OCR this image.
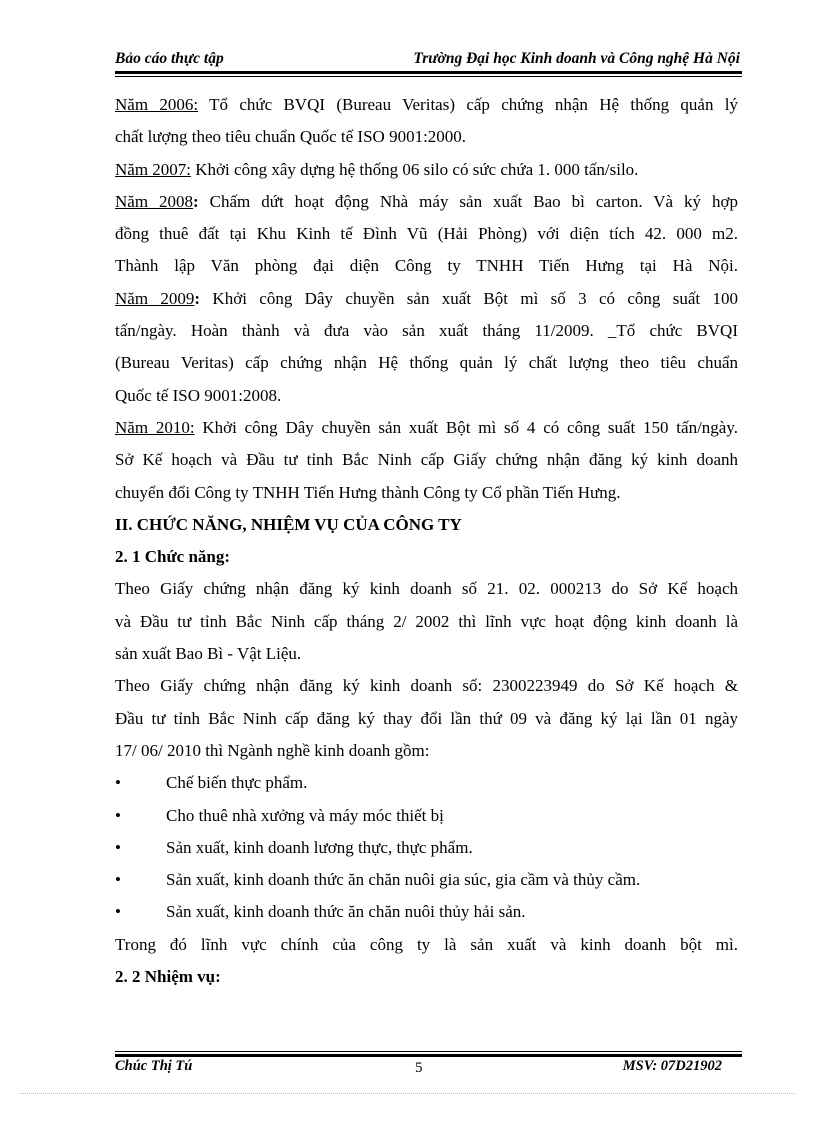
Bảo cáo thực tập	Trường Đại học Kinh doanh và Công nghệ Hà Nội
Năm 2006: Tổ chức BVQI (Bureau Veritas) cấp chứng nhận Hệ thống quản lý
chất lượng theo tiêu chuẩn Quốc tế ISO 9001:2000.
Năm 2007: Khởi công xây dựng hệ thống 06 silo có sức chứa 1. 000 tấn/silo.
Năm 2008: Chấm dứt hoạt động Nhà máy sản xuất Bao bì carton. Và ký hợp
đồng thuê đất tại Khu Kinh tế Đình Vũ (Hải Phòng) với diện tích 42. 000 m2.
Thành lập Văn phòng đại diện Công ty TNHH Tiến Hưng tại Hà Nội.
Năm 2009: Khởi công Dây chuyền sản xuất Bột mì số 3 có công suất 100
tấn/ngày. Hoàn thành và đưa vào sản xuất tháng 11/2009. _Tổ chức BVQI
(Bureau Veritas) cấp chứng nhận Hệ thống quản lý chất lượng theo tiêu chuẩn
Quốc tế ISO 9001:2008.
Năm 2010: Khởi công Dây chuyền sản xuất Bột mì số 4 có công suất 150 tấn/ngày.
Sở Kế hoạch và Đầu tư tỉnh Bắc Ninh cấp Giấy chứng nhận đăng ký kinh doanh
chuyển đổi Công ty TNHH Tiến Hưng thành Công ty Cổ phần Tiến Hưng.
II. CHỨC NĂNG, NHIỆM VỤ CỦA CÔNG TY
2. 1 Chức năng:
Theo Giấy chứng nhận đăng ký kinh doanh số 21. 02. 000213 do Sở Kế hoạch
và Đầu tư tỉnh Bắc Ninh cấp tháng 2/ 2002 thì lĩnh vực hoạt động kinh doanh là
sản xuất Bao Bì - Vật Liệu.
Theo Giấy chứng nhận đăng ký kinh doanh số: 2300223949 do Sở Kế hoạch &
Đầu tư tỉnh Bắc Ninh cấp đăng ký thay đổi lần thứ 09 và đăng ký lại lần 01 ngày
17/ 06/ 2010 thì Ngành nghề kinh doanh gồm:
•	Chế biến thực phẩm.
•	Cho thuê nhà xưởng và máy móc thiết bị
•	Sản xuất, kinh doanh lương thực, thực phẩm.
•	Sản xuất, kinh doanh thức ăn chăn nuôi gia súc, gia cầm và thủy cầm.
•	Sản xuất, kinh doanh thức ăn chăn nuôi thủy hải sản.
Trong đó lĩnh vực chính của công ty là sản xuất và kinh doanh bột mì.
2. 2 Nhiệm vụ:
Chúc Thị Tú	5	MSV: 07D21902
